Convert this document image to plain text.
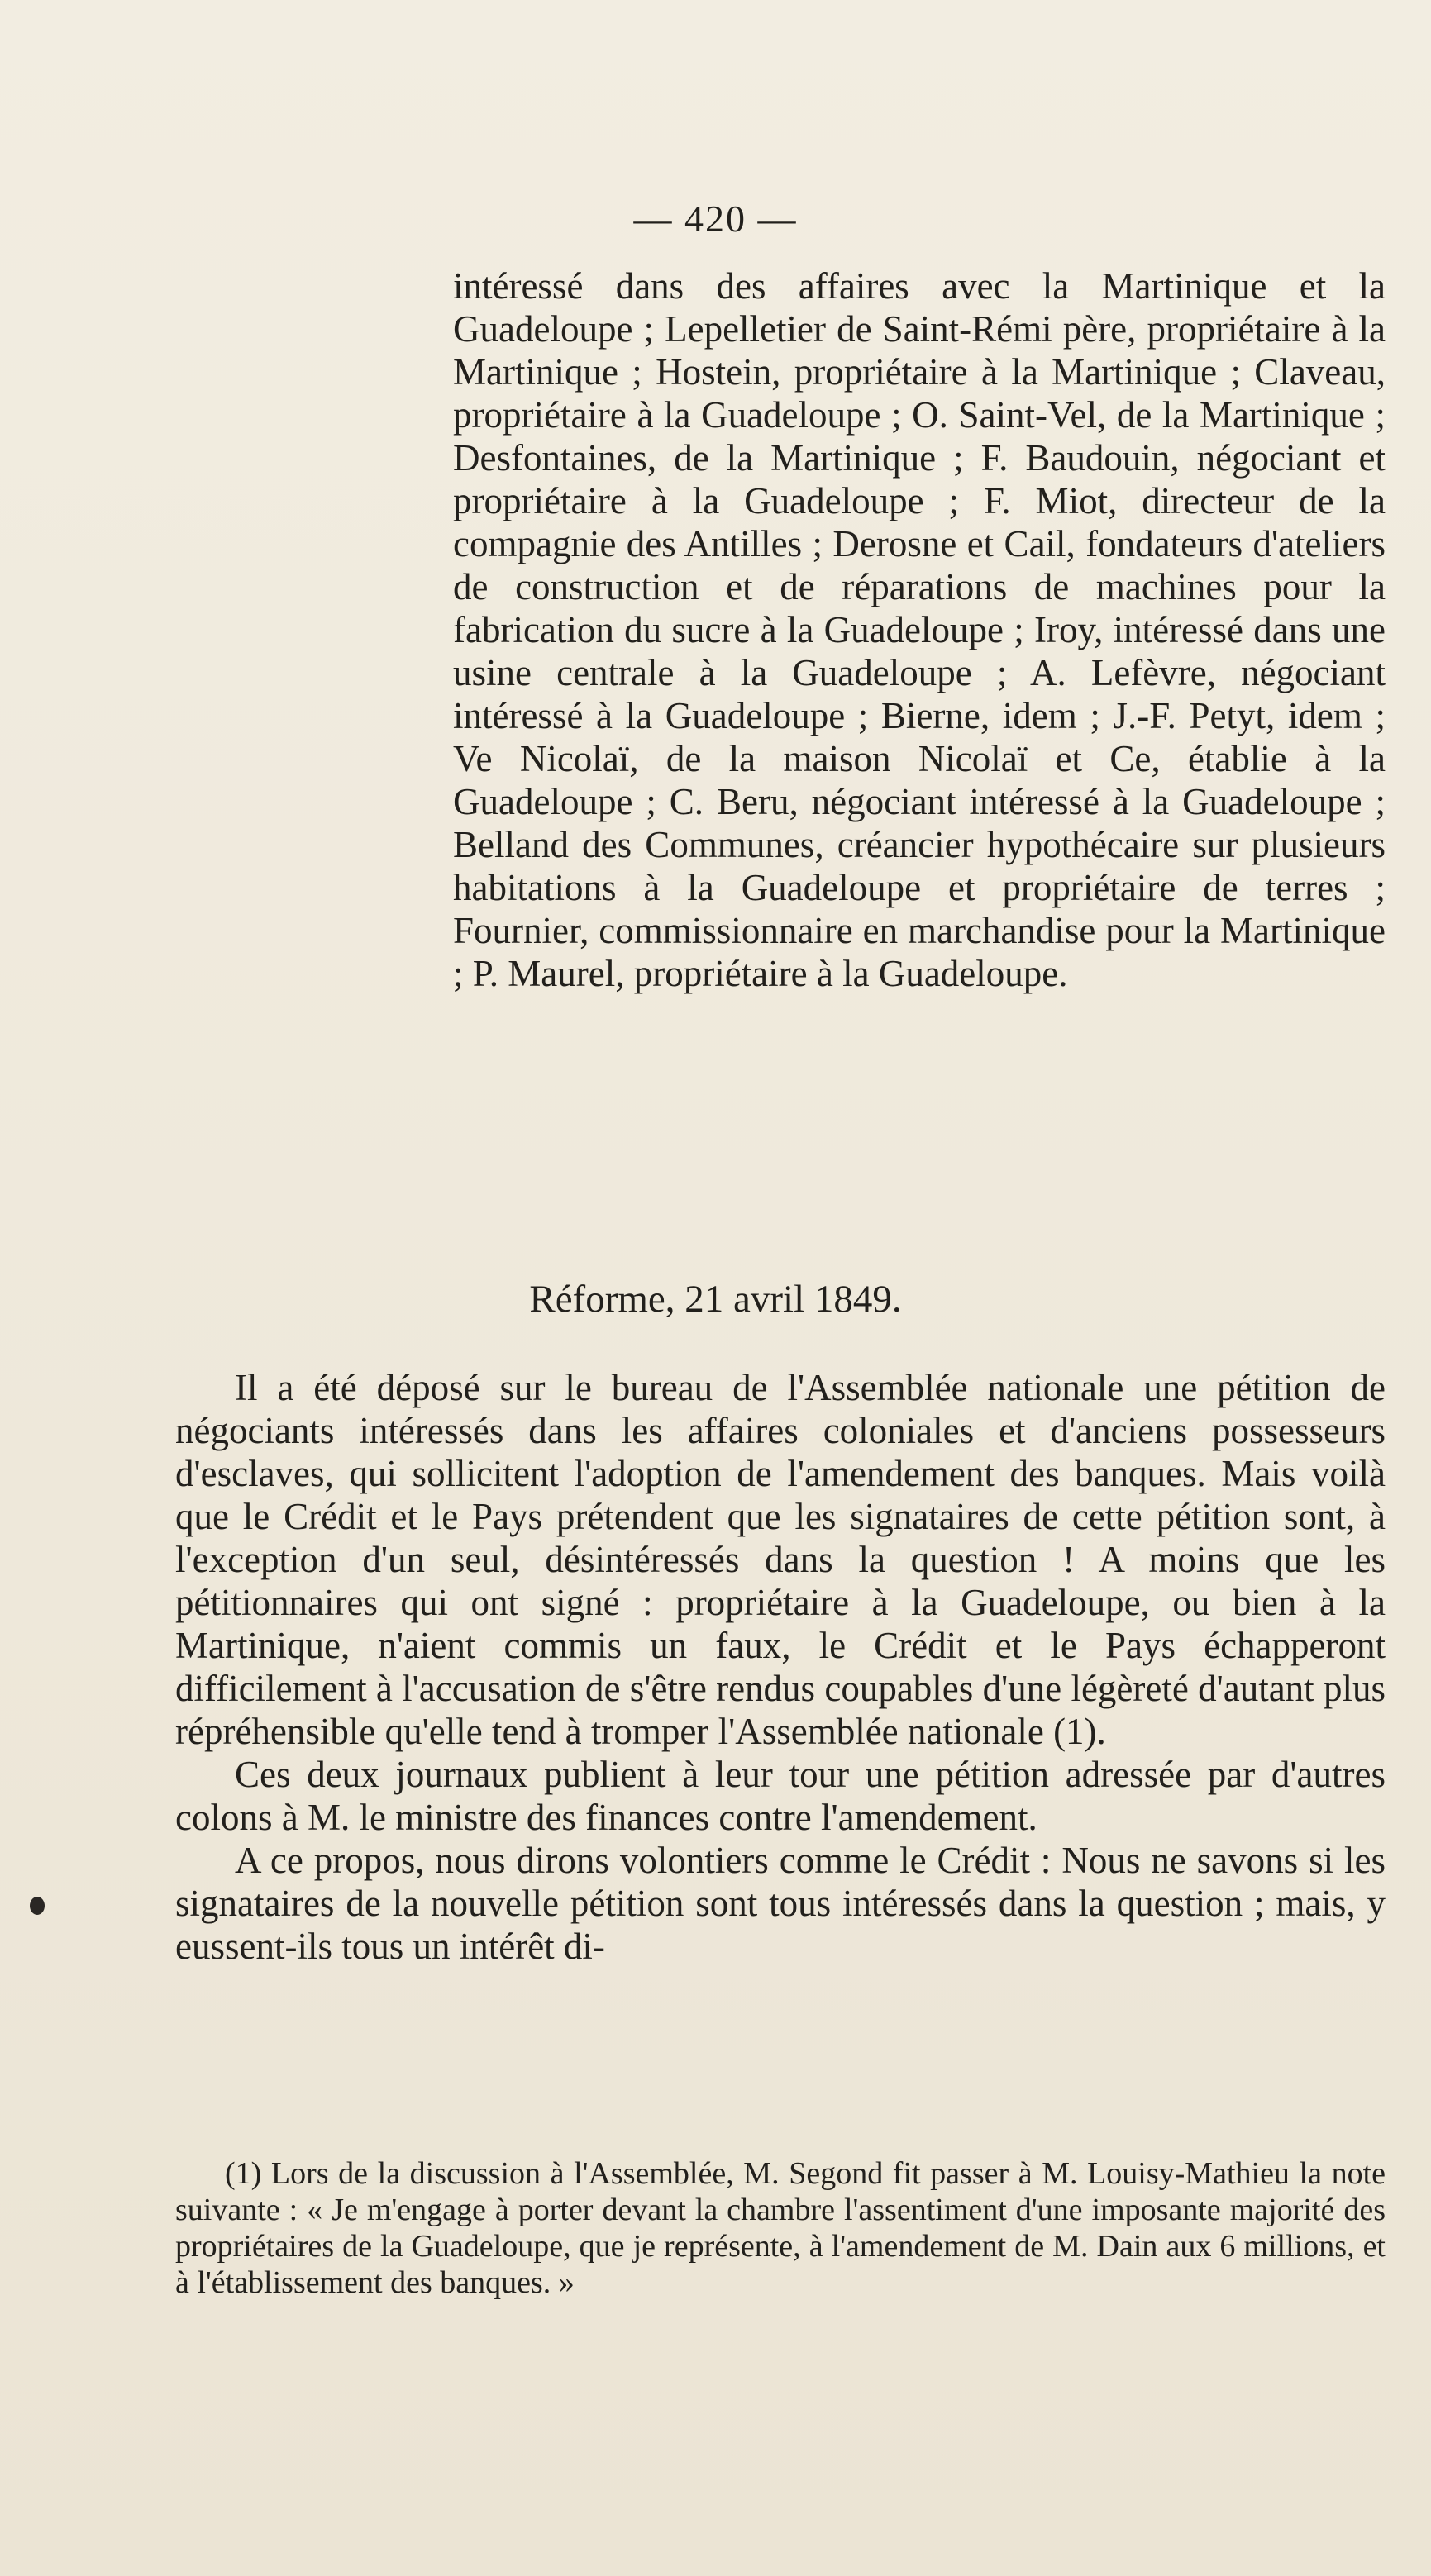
— 420 —

intéressé dans des affaires avec la Martinique et la Guadeloupe ; Lepelletier de Saint-Rémi père, propriétaire à la Martinique ; Hostein, propriétaire à la Martinique ; Claveau, propriétaire à la Guadeloupe ; O. Saint-Vel, de la Martinique ; Desfontaines, de la Martinique ; F. Baudouin, négociant et propriétaire à la Guadeloupe ; F. Miot, directeur de la compagnie des Antilles ; Derosne et Cail, fondateurs d'ateliers de construction et de réparations de machines pour la fabrication du sucre à la Guadeloupe ; Iroy, intéressé dans une usine centrale à la Guadeloupe ; A. Lefèvre, négociant intéressé à la Guadeloupe ; Bierne, idem ; J.-F. Petyt, idem ; Ve Nicolaï, de la maison Nicolaï et Ce, établie à la Guadeloupe ; C. Beru, négociant intéressé à la Guadeloupe ; Belland des Communes, créancier hypothécaire sur plusieurs habitations à la Guadeloupe et propriétaire de terres ; Fournier, commissionnaire en marchandise pour la Martinique ; P. Maurel, propriétaire à la Guadeloupe.

Réforme, 21 avril 1849.

Il a été déposé sur le bureau de l'Assemblée nationale une pétition de négociants intéressés dans les affaires coloniales et d'anciens possesseurs d'esclaves, qui sollicitent l'adoption de l'amendement des banques. Mais voilà que le Crédit et le Pays prétendent que les signataires de cette pétition sont, à l'exception d'un seul, désintéressés dans la question ! A moins que les pétitionnaires qui ont signé : propriétaire à la Guadeloupe, ou bien à la Martinique, n'aient commis un faux, le Crédit et le Pays échapperont difficilement à l'accusation de s'être rendus coupables d'une légèreté d'autant plus répréhensible qu'elle tend à tromper l'Assemblée nationale (1).

Ces deux journaux publient à leur tour une pétition adressée par d'autres colons à M. le ministre des finances contre l'amendement.

A ce propos, nous dirons volontiers comme le Crédit : Nous ne savons si les signataires de la nouvelle pétition sont tous intéressés dans la question ; mais, y eussent-ils tous un intérêt di-

(1) Lors de la discussion à l'Assemblée, M. Segond fit passer à M. Louisy-Mathieu la note suivante : « Je m'engage à porter devant la chambre l'assentiment d'une imposante majorité des propriétaires de la Guadeloupe, que je représente, à l'amendement de M. Dain aux 6 millions, et à l'établissement des banques. »
